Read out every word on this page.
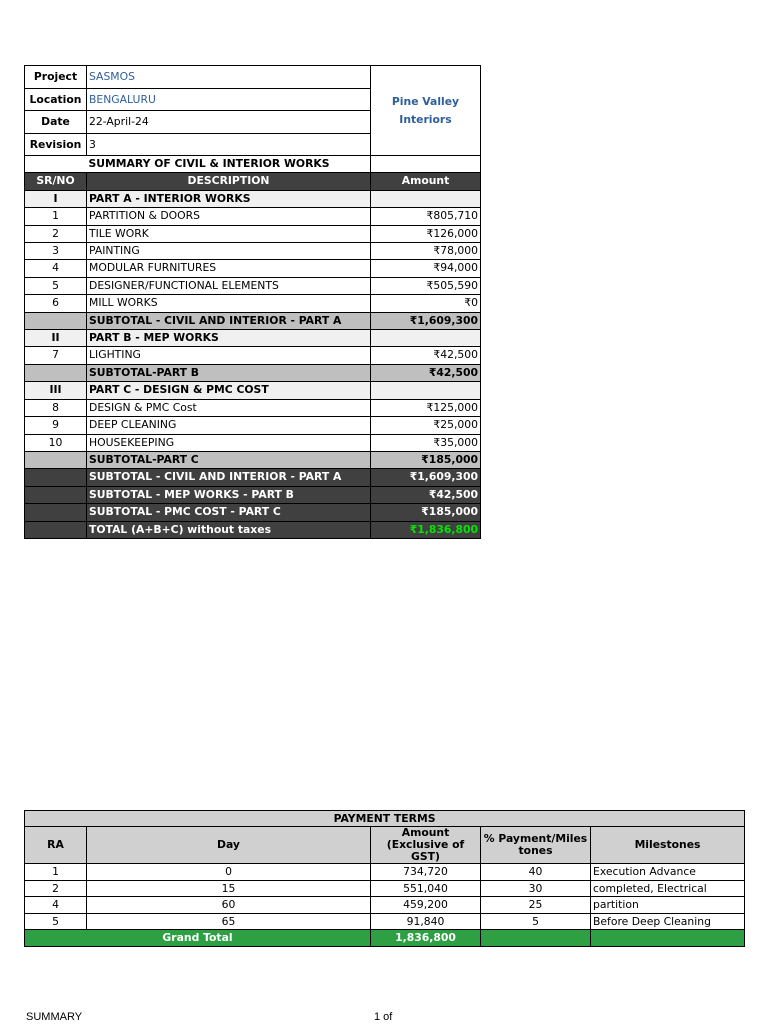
Project	SASMOS	Pine Valley Interiors
Location	BENGALURU	
Date	22-April-24	
Revision	3	
	SUMMARY OF CIVIL & INTERIOR WORKS	
SR/NO	DESCRIPTION	Amount
I	PART A - INTERIOR WORKS	
1	PARTITION & DOORS	₹805,710
2	TILE WORK	₹126,000
3	PAINTING	₹78,000
4	MODULAR FURNITURES	₹94,000
5	DESIGNER/FUNCTIONAL ELEMENTS	₹505,590
6	MILL WORKS	₹0
	SUBTOTAL - CIVIL AND INTERIOR - PART A	₹1,609,300
II	PART B - MEP WORKS	
7	LIGHTING	₹42,500
	SUBTOTAL-PART B	₹42,500
III	PART C - DESIGN & PMC COST	
8	DESIGN & PMC Cost	₹125,000
9	DEEP CLEANING	₹25,000
10	HOUSEKEEPING	₹35,000
	SUBTOTAL-PART C	₹185,000
	SUBTOTAL - CIVIL AND INTERIOR - PART A	₹1,609,300
	SUBTOTAL - MEP WORKS - PART B	₹42,500
	SUBTOTAL - PMC COST - PART C	₹185,000
	TOTAL (A+B+C) without taxes	₹1,836,800
PAYMENT TERMS				
RA	Day	Amount (Exclusive of GST)	% Payment/Milestones	Milestones
1	0	734,720	40	Execution Advance
2	15	551,040	30	completed, Electrical
4	60	459,200	25	partition
5	65	91,840	5	Before Deep Cleaning
Grand Total		1,836,800		
SUMMARY	1 of
